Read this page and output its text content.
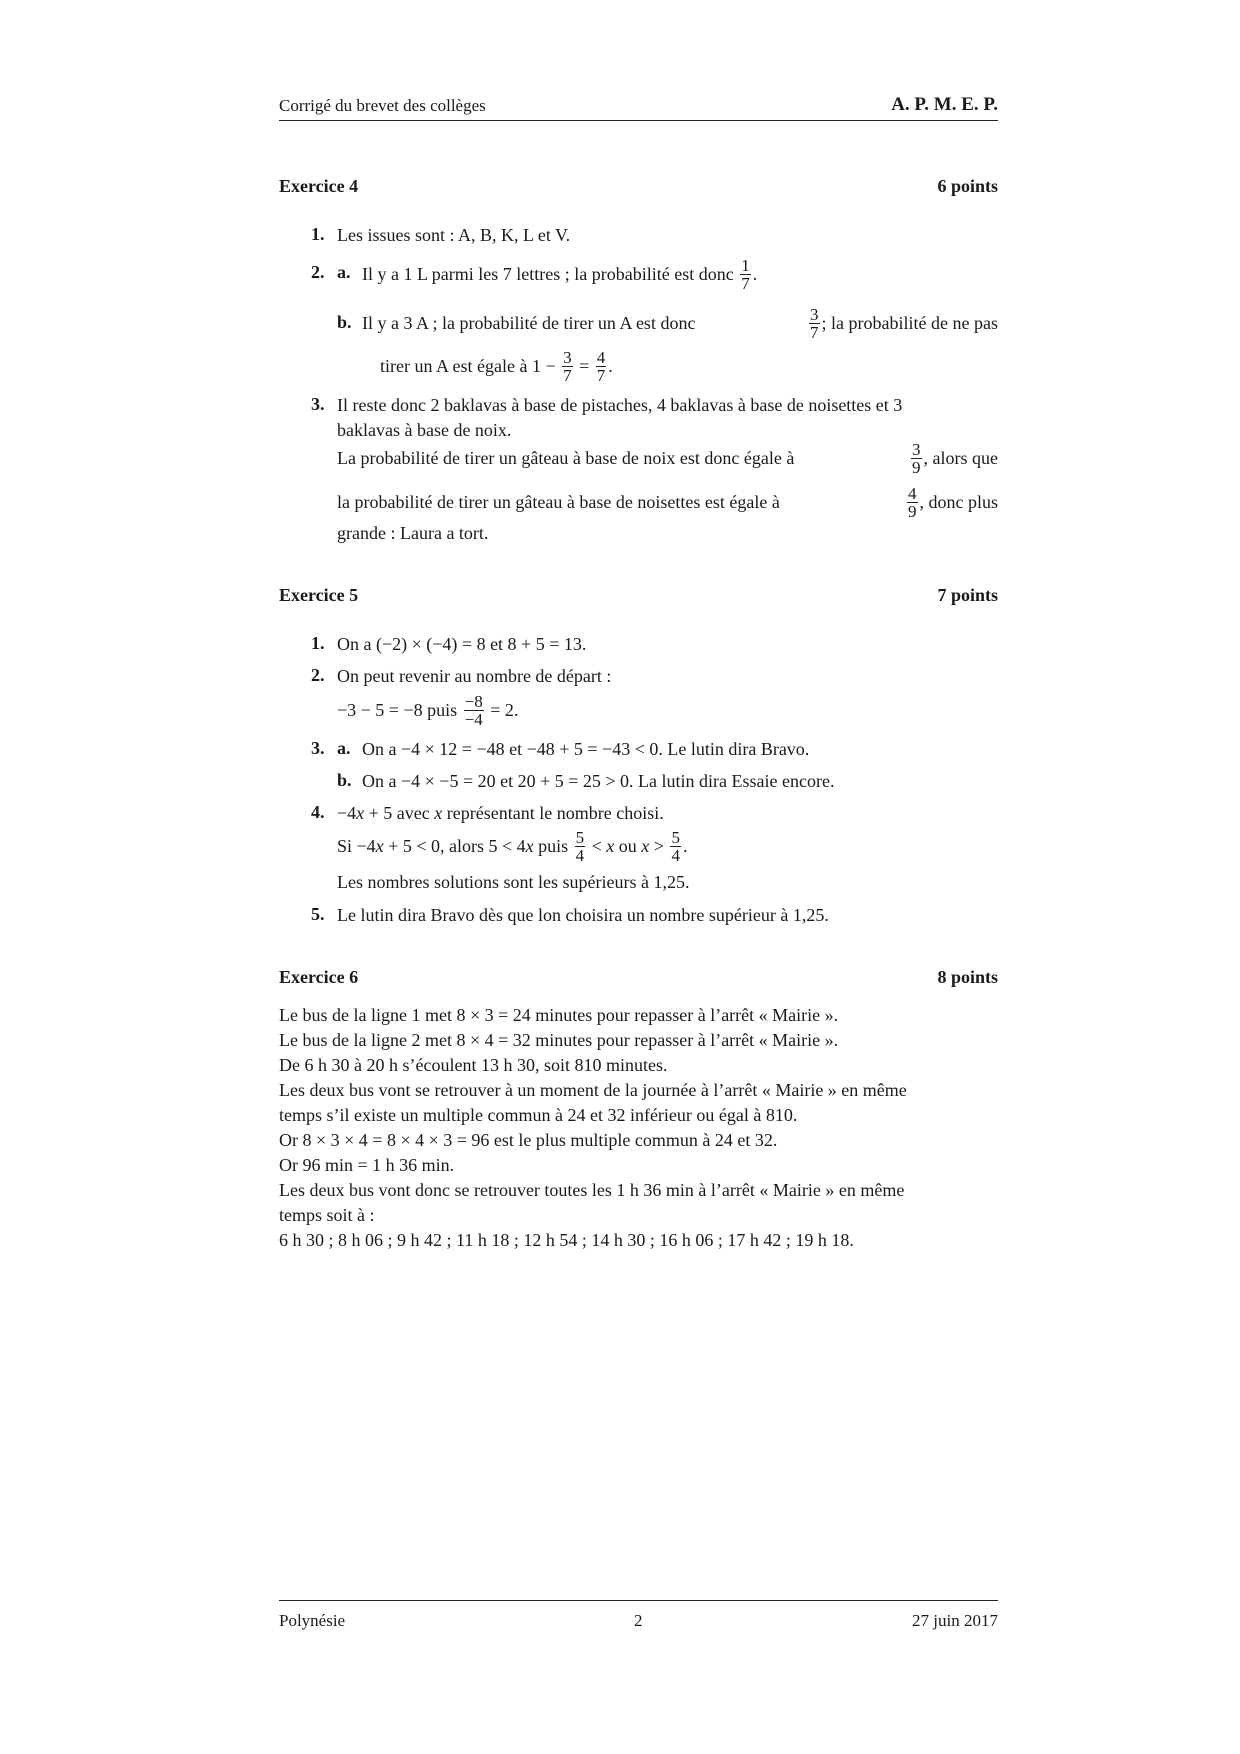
Corrigé du brevet des collèges	A. P. M. E. P.
Exercice 4	6 points
1. Les issues sont : A, B, K, L et V.
2. a. Il y a 1 L parmi les 7 lettres ; la probabilité est donc $\frac{1}{7}$ .
b. Il y a 3 A ; la probabilité de tirer un A est donc	$\frac{3}{7}$ ; la probabilité de ne pas
tirer un A est égale à $1 - \frac{3}{7} = \frac{4}{7}$ .
3. Il reste donc 2 baklavas à base de pistaches, 4 baklavas à base de noisettes et 3
baklavas à base de noix.
La probabilité de tirer un gâteau à base de noix est donc égale à	$\frac{3}{9}$ , alors que
la probabilité de tirer un gâteau à base de noisettes est égale à	$\frac{4}{9}$ , donc plus
grande : Laura a tort.
Exercice 5	7 points
1. On a (−2) × (−4) = 8 et 8 + 5 = 13.
2. On peut revenir au nombre de départ :
−3 − 5 = −8 puis $\frac{-8}{-4} = 2$.
3. a. On a −4 × 12 = −48 et −48 + 5 = −43 < 0. Le lutin dira Bravo.
b. On a −4 × −5 = 20 et 20 + 5 = 25 > 0. La lutin dira Essaie encore.
4. −4x + 5 avec x représentant le nombre choisi.
Si −4x + 5 < 0, alors 5 < 4x puis $\frac{5}{4} < x$ ou $x > \frac{5}{4}$ .
Les nombres solutions sont les supérieurs à 1,25.
5. Le lutin dira Bravo dès que lon choisira un nombre supérieur à 1,25.
Exercice 6	8 points
Le bus de la ligne 1 met 8 × 3 = 24 minutes pour repasser à l’arrêt « Mairie ».
Le bus de la ligne 2 met 8 × 4 = 32 minutes pour repasser à l’arrêt « Mairie ».
De 6 h 30 à 20 h s’écoulent 13 h 30, soit 810 minutes.
Les deux bus vont se retrouver à un moment de la journée à l’arrêt « Mairie » en même
temps s’il existe un multiple commun à 24 et 32 inférieur ou égal à 810.
Or 8 × 3 × 4 = 8 × 4 × 3 = 96 est le plus multiple commun à 24 et 32.
Or 96 min = 1 h 36 min.
Les deux bus vont donc se retrouver toutes les 1 h 36 min à l’arrêt « Mairie » en même
temps soit à :
6 h 30 ; 8 h 06 ; 9 h 42 ; 11 h 18 ; 12 h 54 ; 14 h 30 ; 16 h 06 ; 17 h 42 ; 19 h 18.
Polynésie	2	27 juin 2017
